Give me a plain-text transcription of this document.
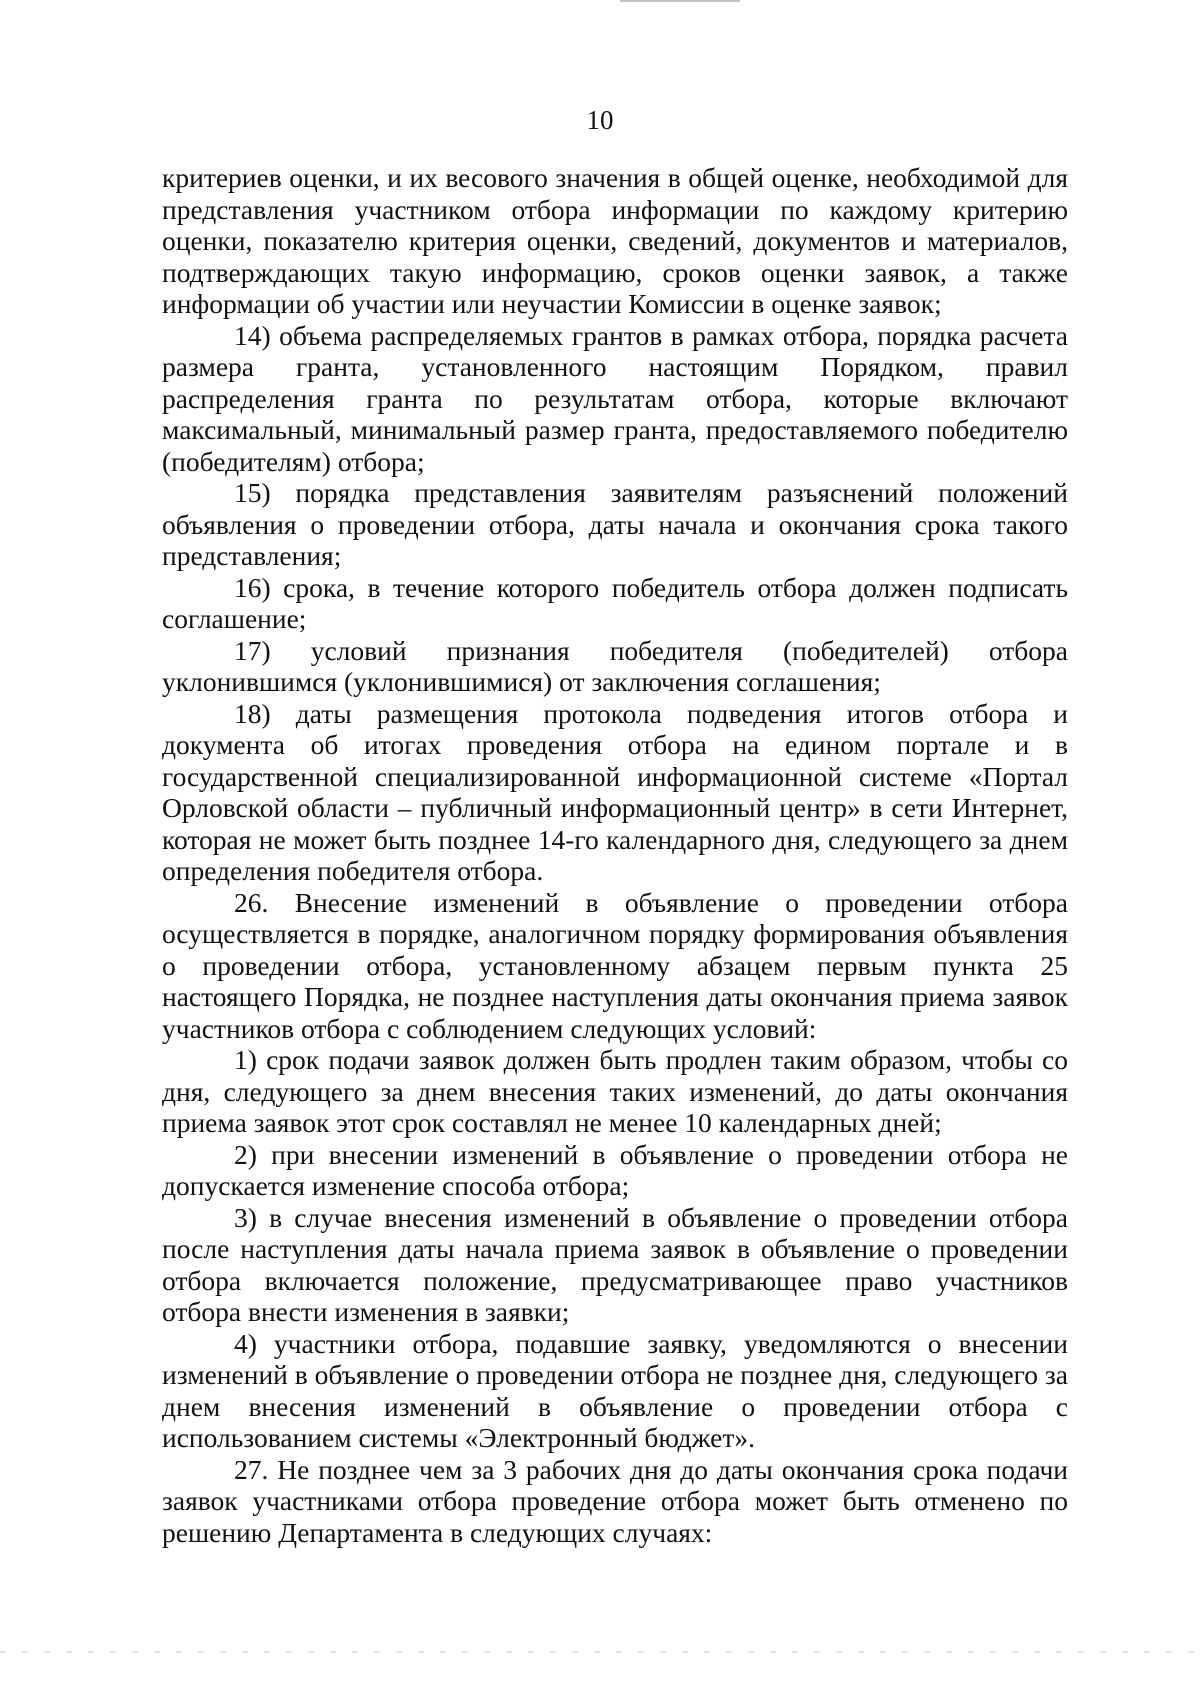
10

критериев оценки, и их весового значения в общей оценке, необходимой для представления участником отбора информации по каждому критерию оценки, показателю критерия оценки, сведений, документов и материалов, подтверждающих такую информацию, сроков оценки заявок, а также информации об участии или неучастии Комиссии в оценке заявок;

14) объема распределяемых грантов в рамках отбора, порядка расчета размера гранта, установленного настоящим Порядком, правил распределения гранта по результатам отбора, которые включают максимальный, минимальный размер гранта, предоставляемого победителю (победителям) отбора;

15) порядка представления заявителям разъяснений положений объявления о проведении отбора, даты начала и окончания срока такого представления;

16) срока, в течение которого победитель отбора должен подписать соглашение;

17) условий признания победителя (победителей) отбора уклонившимся (уклонившимися) от заключения соглашения;

18) даты размещения протокола подведения итогов отбора и документа об итогах проведения отбора на едином портале и в государственной специализированной информационной системе «Портал Орловской области – публичный информационный центр» в сети Интернет, которая не может быть позднее 14-го календарного дня, следующего за днем определения победителя отбора.

26. Внесение изменений в объявление о проведении отбора осуществляется в порядке, аналогичном порядку формирования объявления о проведении отбора, установленному абзацем первым пункта 25 настоящего Порядка, не позднее наступления даты окончания приема заявок участников отбора с соблюдением следующих условий:

1) срок подачи заявок должен быть продлен таким образом, чтобы со дня, следующего за днем внесения таких изменений, до даты окончания приема заявок этот срок составлял не менее 10 календарных дней;

2) при внесении изменений в объявление о проведении отбора не допускается изменение способа отбора;

3) в случае внесения изменений в объявление о проведении отбора после наступления даты начала приема заявок в объявление о проведении отбора включается положение, предусматривающее право участников отбора внести изменения в заявки;

4) участники отбора, подавшие заявку, уведомляются о внесении изменений в объявление о проведении отбора не позднее дня, следующего за днем внесения изменений в объявление о проведении отбора с использованием системы «Электронный бюджет».

27. Не позднее чем за 3 рабочих дня до даты окончания срока подачи заявок участниками отбора проведение отбора может быть отменено по решению Департамента в следующих случаях:
